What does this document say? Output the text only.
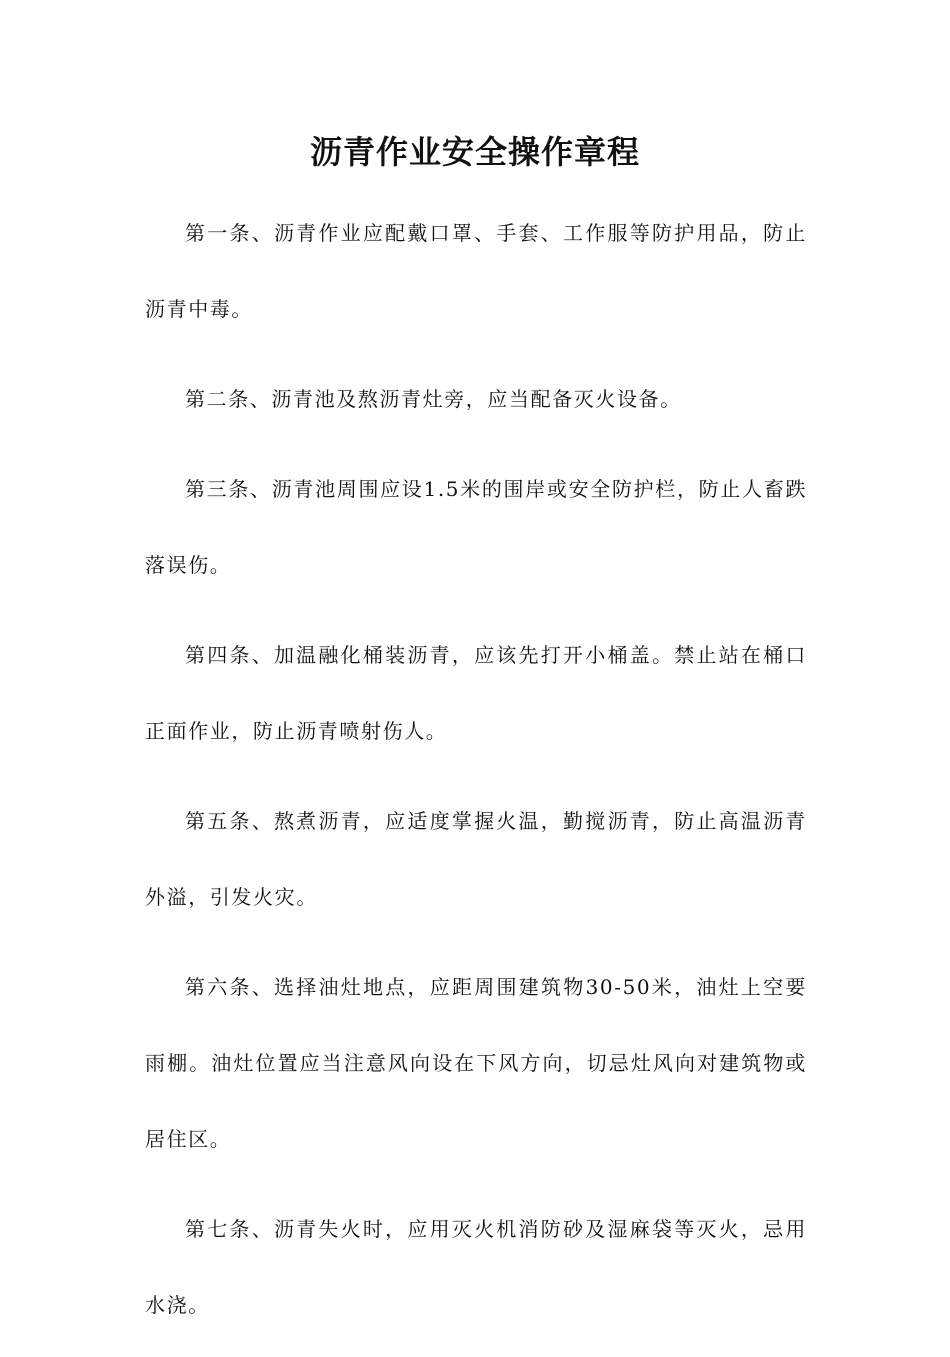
沥青作业安全操作章程

第一条、沥青作业应配戴口罩、手套、工作服等防护用品，防止沥青中毒。

第二条、沥青池及熬沥青灶旁，应当配备灭火设备。

第三条、沥青池周围应设1.5米的围岸或安全防护栏，防止人畜跌落误伤。

第四条、加温融化桶装沥青，应该先打开小桶盖。禁止站在桶口正面作业，防止沥青喷射伤人。

第五条、熬煮沥青，应适度掌握火温，勤搅沥青，防止高温沥青外溢，引发火灾。

第六条、选择油灶地点，应距周围建筑物30-50米，油灶上空要雨棚。油灶位置应当注意风向设在下风方向，切忌灶风向对建筑物或居住区。

第七条、沥青失火时，应用灭火机消防砂及湿麻袋等灭火，忌用水浇。
